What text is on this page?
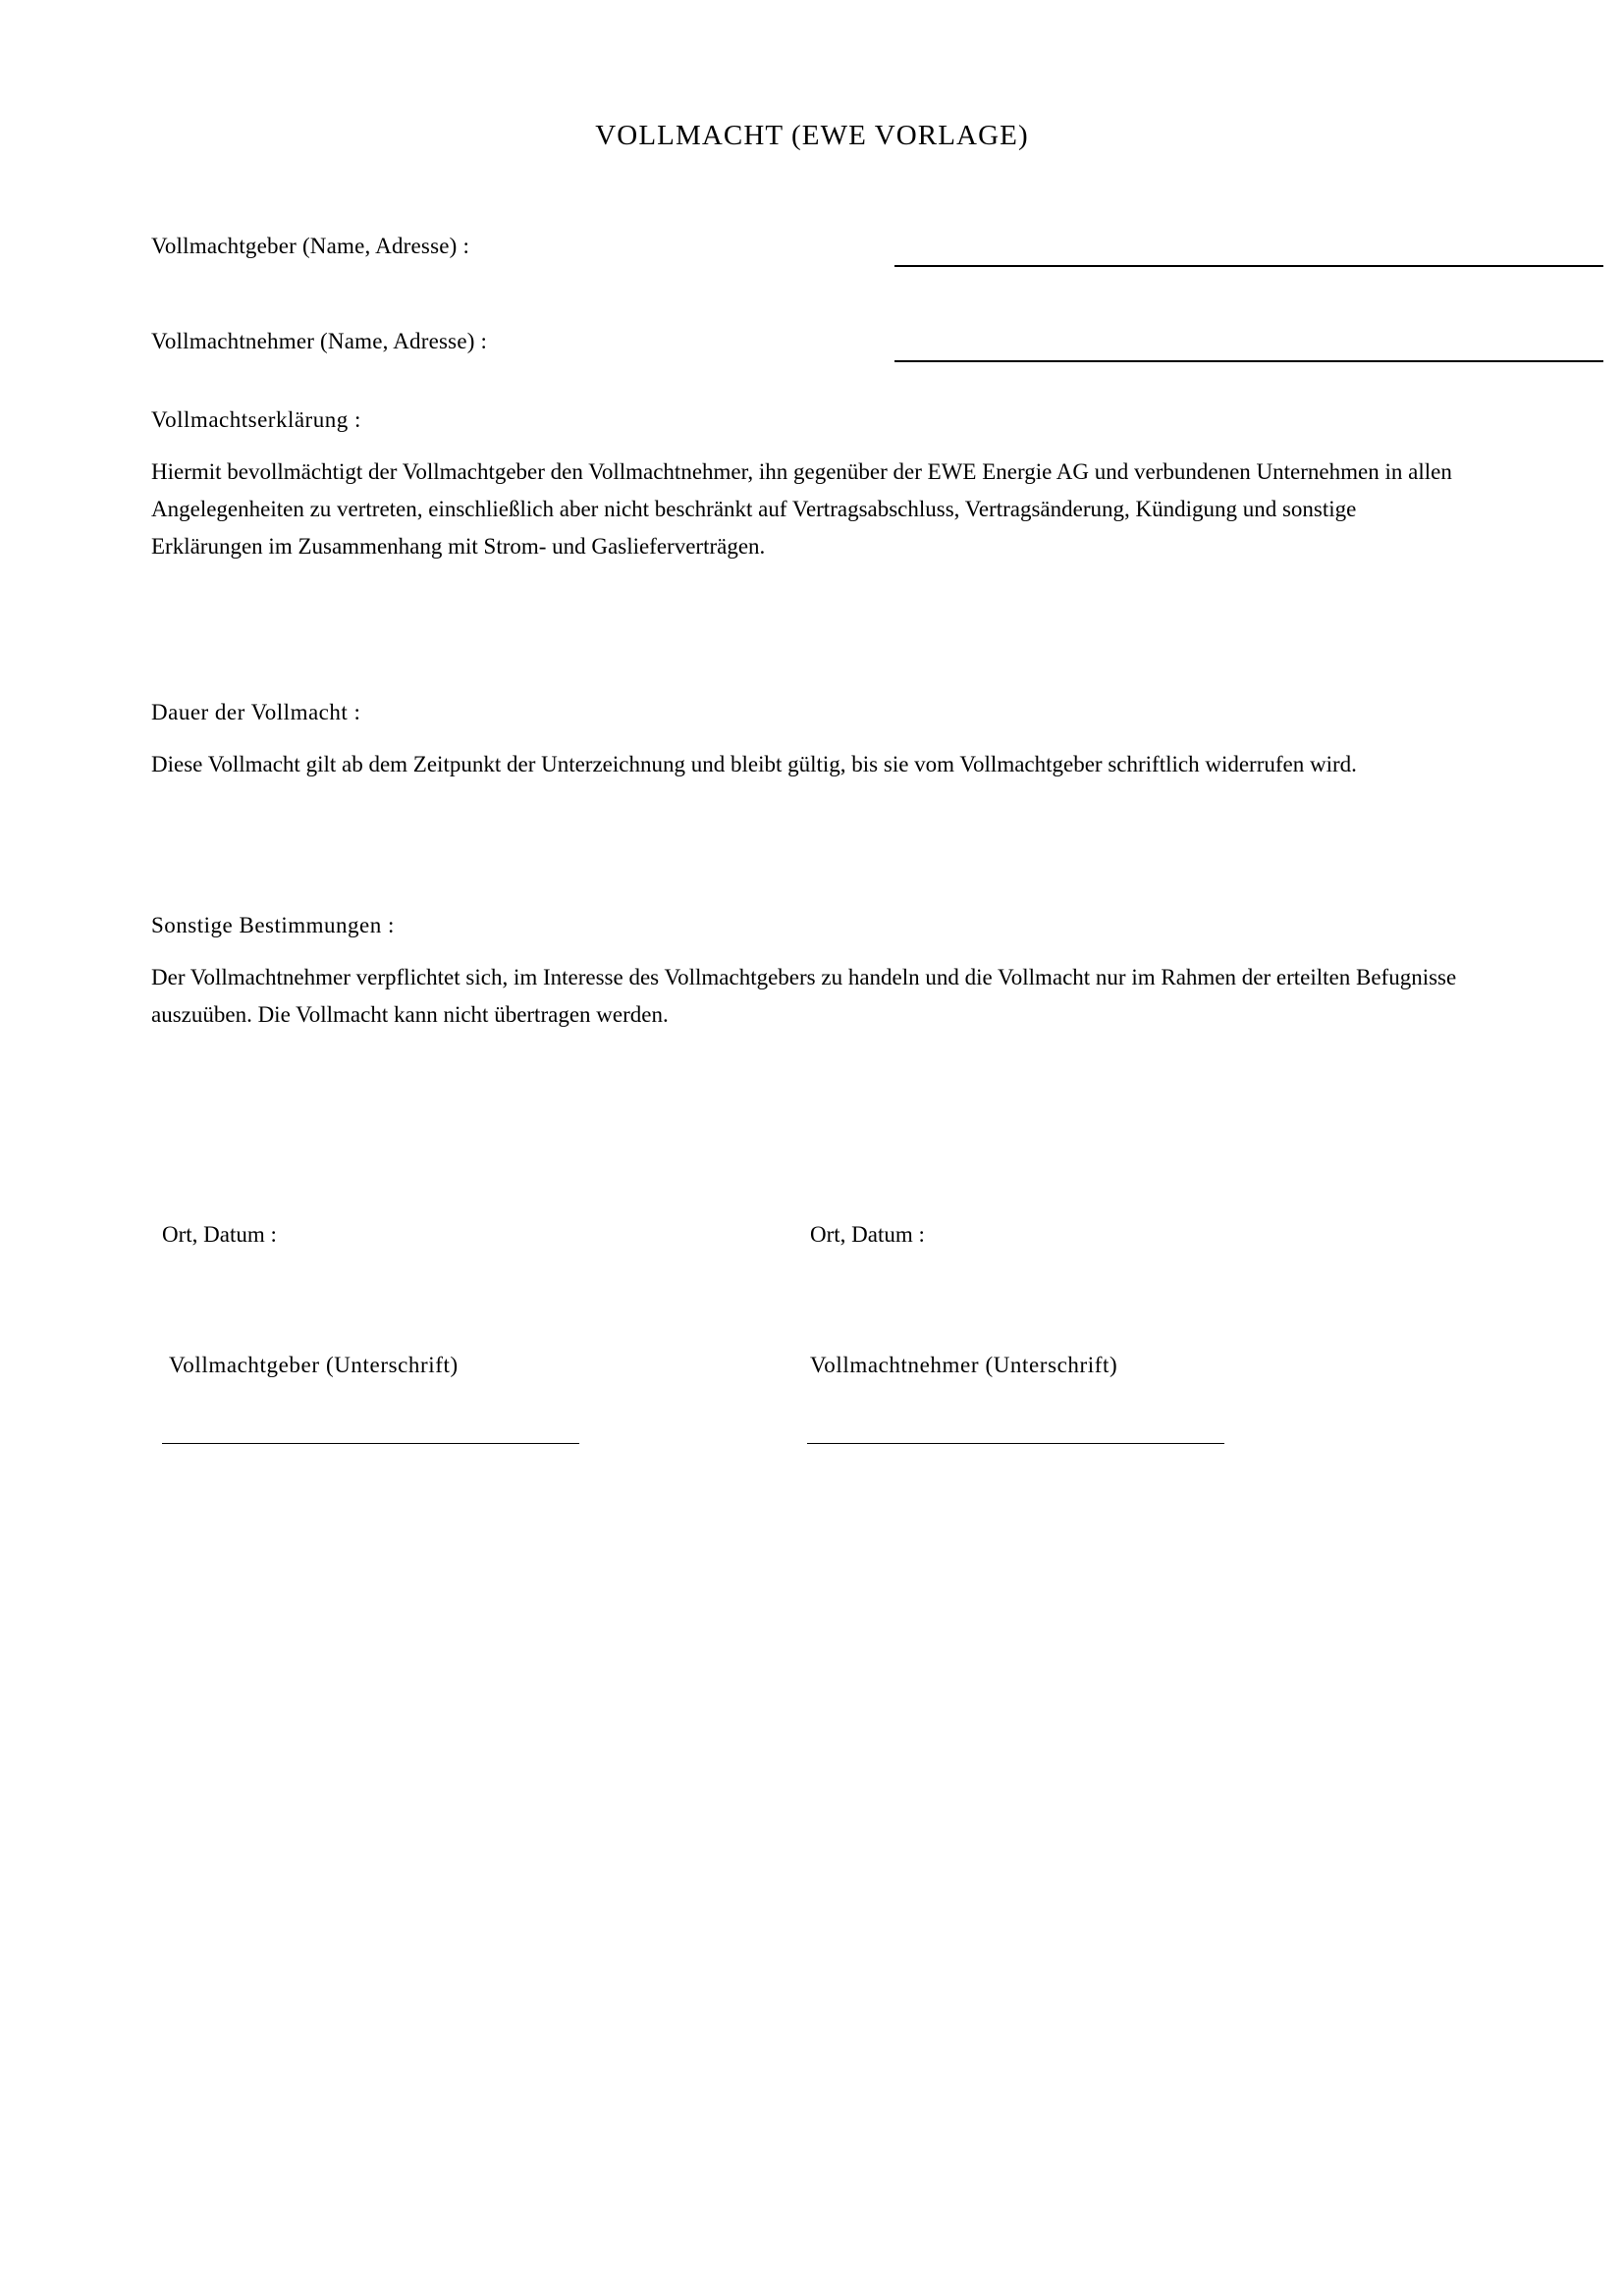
VOLLMACHT (EWE VORLAGE)
Vollmachtgeber (Name, Adresse) :
Vollmachtnehmer (Name, Adresse) :
Vollmachtserklärung :
Hiermit bevollmächtigt der Vollmachtgeber den Vollmachtnehmer, ihn gegenüber der EWE Energie AG und verbundenen Unternehmen in allen Angelegenheiten zu vertreten, einschließlich aber nicht beschränkt auf Vertragsabschluss, Vertragsänderung, Kündigung und sonstige Erklärungen im Zusammenhang mit Strom- und Gaslieferverträgen.
Dauer der Vollmacht :
Diese Vollmacht gilt ab dem Zeitpunkt der Unterzeichnung und bleibt gültig, bis sie vom Vollmachtgeber schriftlich widerrufen wird.
Sonstige Bestimmungen :
Der Vollmachtnehmer verpflichtet sich, im Interesse des Vollmachtgebers zu handeln und die Vollmacht nur im Rahmen der erteilten Befugnisse auszuüben. Die Vollmacht kann nicht übertragen werden.
Ort, Datum :	Ort, Datum :
Vollmachtgeber (Unterschrift)	Vollmachtnehmer (Unterschrift)
